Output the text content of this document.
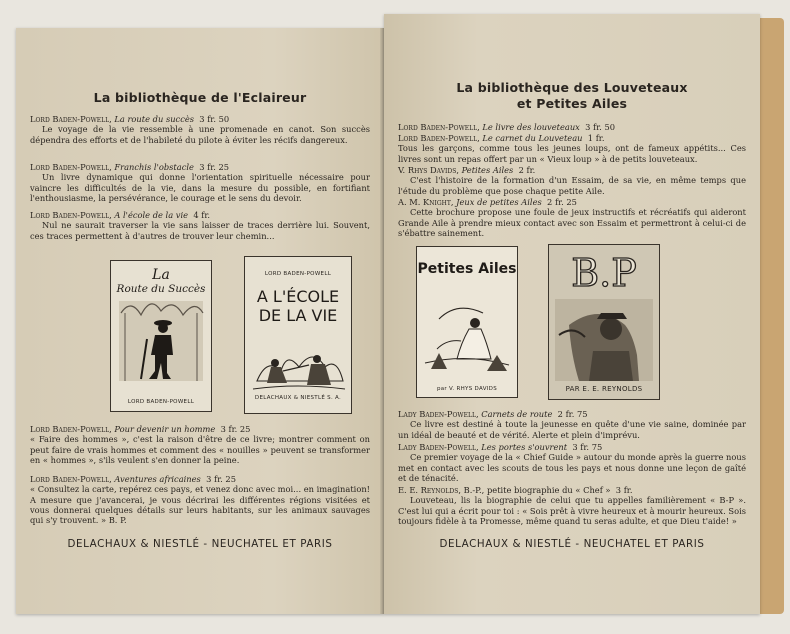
La bibliothèque de l'Eclaireur

Lord Baden-Powell, La route du succès 3 fr. 50

Le voyage de la vie ressemble à une promenade en canot. Son succès dépendra des efforts et de l'habileté du pilote à éviter les récifs dangereux.

Lord Baden-Powell, Franchis l'obstacle 3 fr. 25

Un livre dynamique qui donne l'orientation spirituelle nécessaire pour vaincre les difficultés de la vie, dans la mesure du possible, en fortifiant l'enthousiasme, la persévérance, le courage et le sens du devoir.

Lord Baden-Powell, A l'école de la vie 4 fr.

Nul ne saurait traverser la vie sans laisser de traces derrière lui. Souvent, ces traces permettent à d'autres de trouver leur chemin...
La
Route du Succès
LORD BADEN-POWELL
LORD BADEN-POWELL
A L'ÉCOLE
DE LA VIE
DELACHAUX & NIESTLÉ S. A.

Lord Baden-Powell, Pour devenir un homme 3 fr. 25

« Faire des hommes », c'est la raison d'être de ce livre; montrer comment on peut faire de vrais hommes et comment des « nouilles » peuvent se transformer en « hommes », s'ils veulent s'en donner la peine.

Lord Baden-Powell, Aventures africaines 3 fr. 25

« Consultez la carte, repérez ces pays, et venez donc avec moi... en imagination! A mesure que j'avancerai, je vous décrirai les différentes régions visitées et vous donnerai quelques détails sur leurs habitants, sur les animaux sauvages qui s'y trouvent. » B. P.
DELACHAUX & NIESTLÉ - NEUCHATEL ET PARIS
La bibliothèque des Louveteaux
et Petites Ailes

Lord Baden-Powell, Le livre des louveteaux 3 fr. 50

Lord Baden-Powell, Le carnet du Louveteau 1 fr.

Tous les garçons, comme tous les jeunes loups, ont de fameux appétits... Ces livres sont un repas offert par un « Vieux loup » à de petits louveteaux.

V. Rhys Davids, Petites Ailes 2 fr.

C'est l'histoire de la formation d'un Essaim, de sa vie, en même temps que l'étude du problème que pose chaque petite Aile.

A. M. Knight, Jeux de petites Ailes 2 fr. 25

Cette brochure propose une foule de jeux instructifs et récréatifs qui aideront Grande Aile à prendre mieux contact avec son Essaim et permettront à celui-ci de s'ébattre sainement.
Petites Ailes
par V. RHYS DAVIDS
B.P
PAR E. E. REYNOLDS

Lady Baden-Powell, Carnets de route 2 fr. 75

Ce livre est destiné à toute la jeunesse en quête d'une vie saine, dominée par un idéal de beauté et de vérité. Alerte et plein d'imprévu.

Lady Baden-Powell, Les portes s'ouvrent 3 fr. 75

Ce premier voyage de la « Chief Guide » autour du monde après la guerre nous met en contact avec les scouts de tous les pays et nous donne une leçon de gaîté et de ténacité.

E. E. Reynolds, B.-P., petite biographie du « Chef » 3 fr.

Louveteau, lis la biographie de celui que tu appelles familièrement « B-P ». C'est lui qui a écrit pour toi : « Sois prêt à vivre heureux et à mourir heureux. Sois toujours fidèle à ta Promesse, même quand tu seras adulte, et que Dieu t'aide! »
DELACHAUX & NIESTLÉ - NEUCHATEL ET PARIS
